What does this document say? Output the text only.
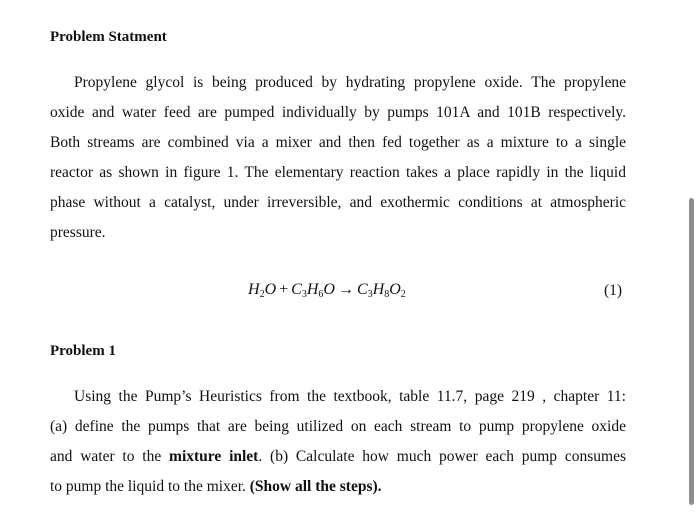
Problem Statment
Propylene glycol is being produced by hydrating propylene oxide. The propylene
oxide and water feed are pumped individually by pumps 101A and 101B respectively.
Both streams are combined via a mixer and then fed together as a mixture to a single
reactor as shown in figure 1. The elementary reaction takes a place rapidly in the liquid
phase without a catalyst, under irreversible, and exothermic conditions at atmospheric
pressure.
$H_2O + C_3H_6O \to C_3H_8O_2$	(1)
Problem 1
Using the Pump’s Heuristics from the textbook, table 11.7, page 219 , chapter 11:
(a) define the pumps that are being utilized on each stream to pump propylene oxide
and water to the mixture inlet. (b) Calculate how much power each pump consumes
to pump the liquid to the mixer. (Show all the steps).
